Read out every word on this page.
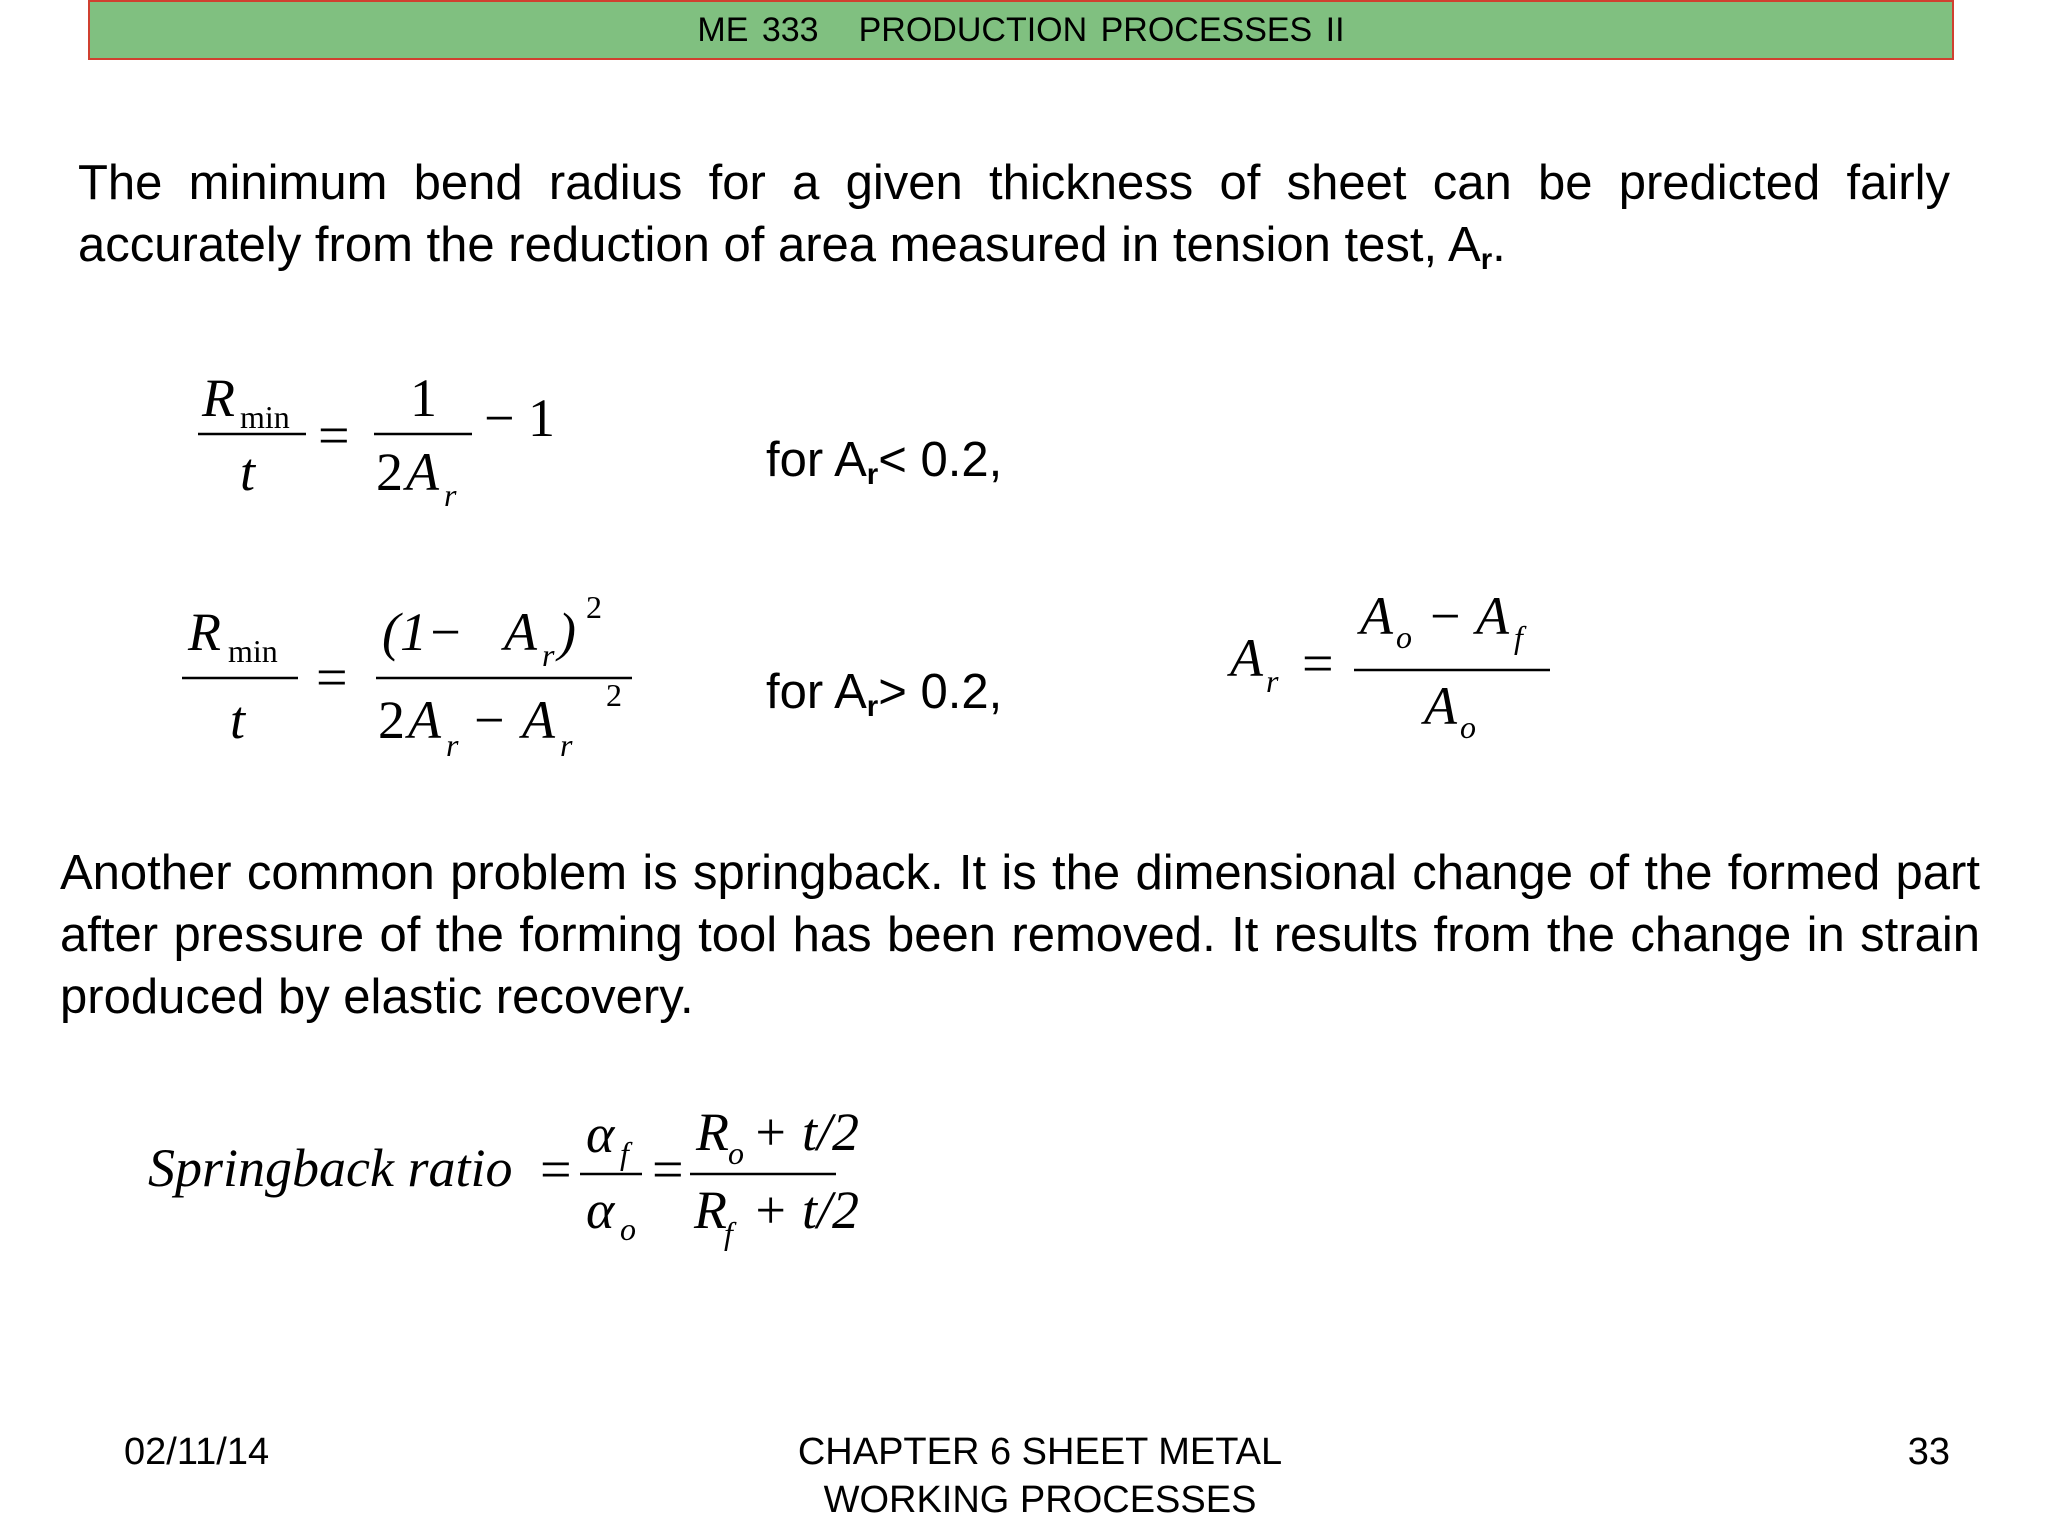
ME 333 PRODUCTION PROCESSES II

The minimum bend radius for a given thickness of sheet can be predicted fairly accurately from the reduction of area measured in tension test, $A_r$.

R min
t
=
1
2 A r
− 1
for $A_r< 0.2$,
R min
t
=
(1− A r ) 2
2 A r − A r
2	for $A_r> 0.2$,
A r =
A o − A f
A o

Another common problem is springback. It is the dimensional change of the formed part after pressure of the forming tool has been removed. It results from the change in strain produced by elastic recovery.

Springback ratio =
α f
α o
=
R o + t/2
R
f + t/2
02/11/14	CHAPTER 6 SHEET METAL
WORKING PROCESSES
33
